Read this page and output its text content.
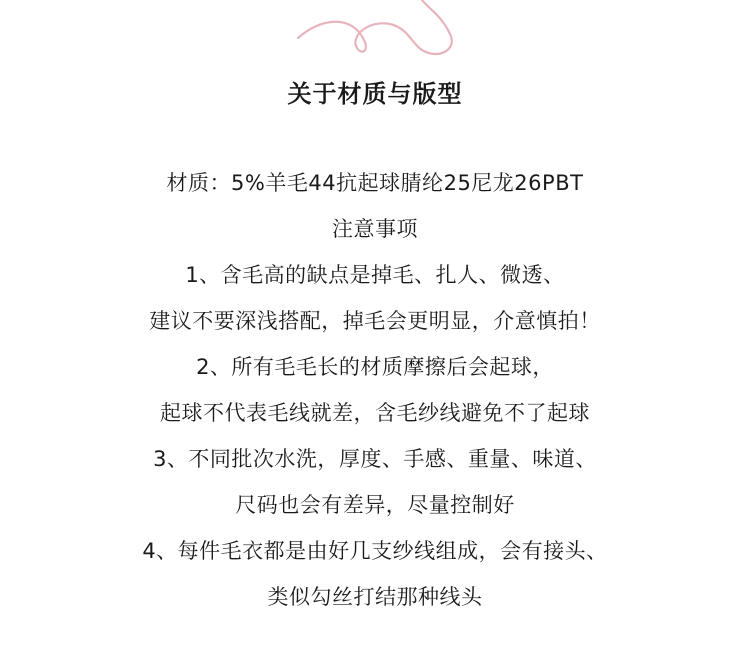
关于材质与版型
材质：5%羊毛44抗起球腈纶25尼龙26PBT
注意事项
1、含毛高的缺点是掉毛、扎人、微透、
建议不要深浅搭配，掉毛会更明显，介意慎拍！
2、所有毛毛长的材质摩擦后会起球，
起球不代表毛线就差，含毛纱线避免不了起球
3、不同批次水洗，厚度、手感、重量、味道、
尺码也会有差异，尽量控制好
4、每件毛衣都是由好几支纱线组成，会有接头、
类似勾丝打结那种线头
